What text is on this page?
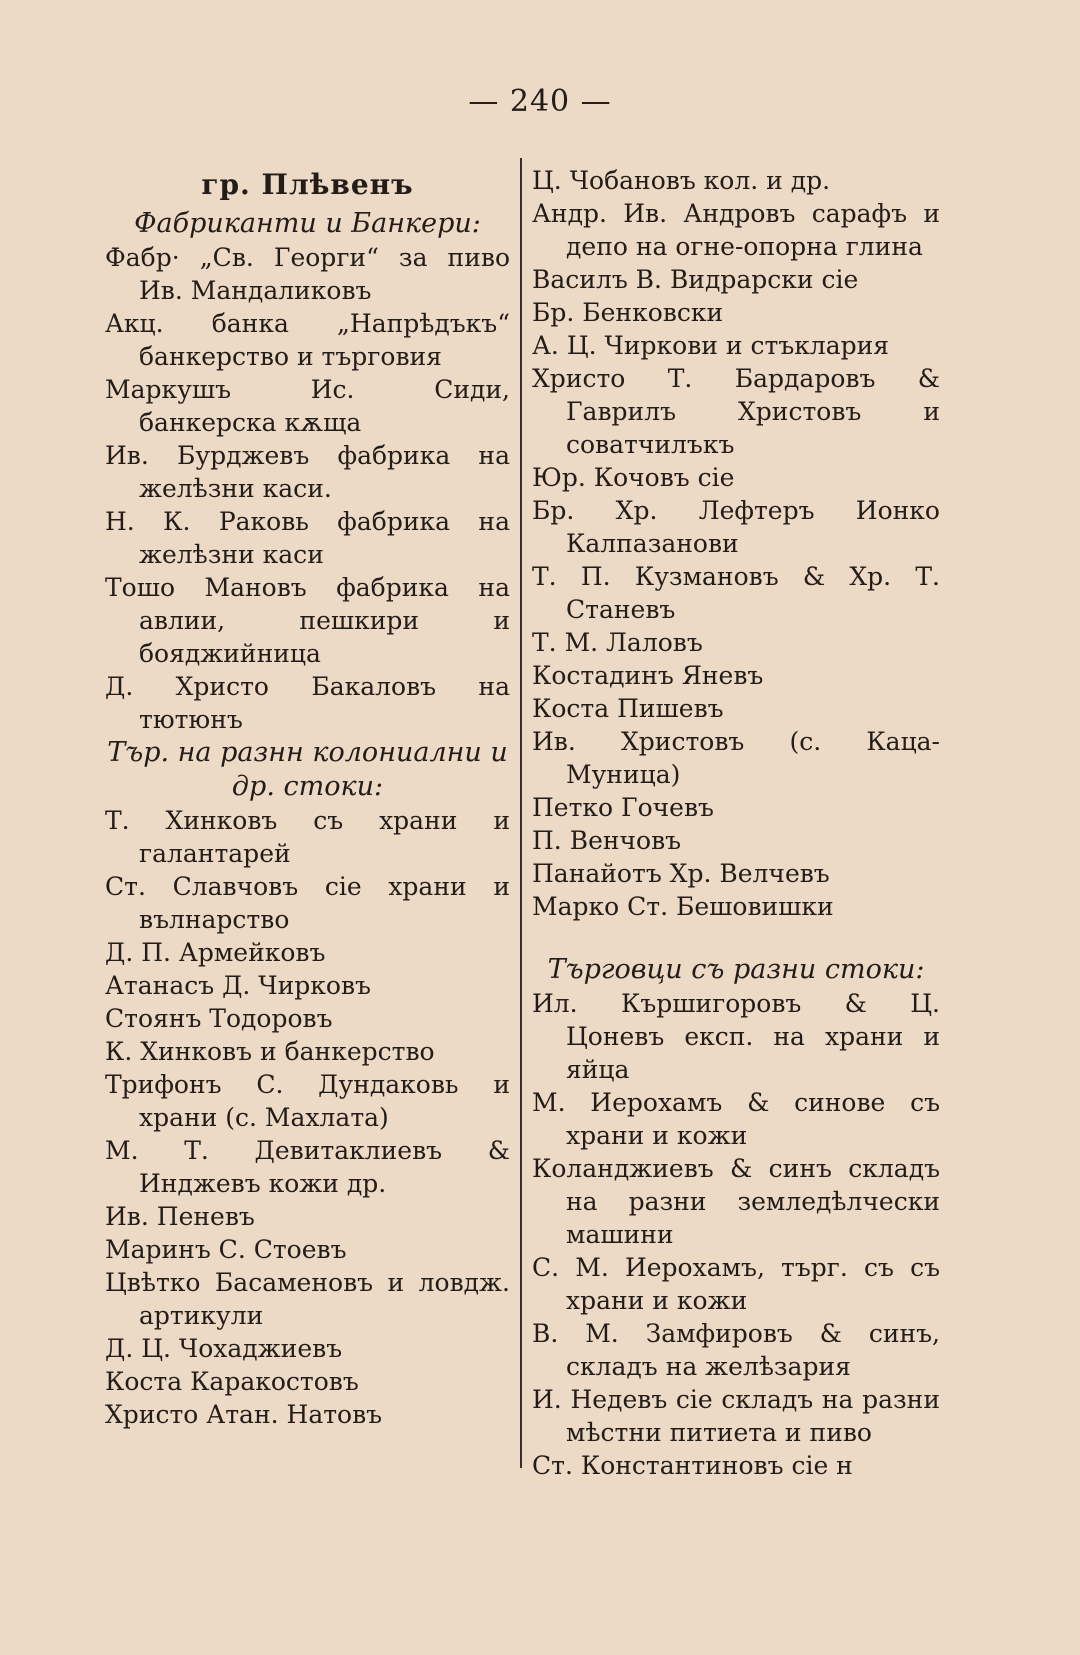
— 240 —
гр. Плѣвенъ
Фабриканти и Банкери:
Фабр· „Св. Георги“ за пиво Ив. Мандаликовъ
Акц. банка „Напрѣдъкъ“ банкерство и търговия
Маркушъ Ис. Сиди, банкерска кѫща
Ив. Бурджевъ фабрика на желѣзни каси.
Н. К. Раковь фабрика на желѣзни каси
Тошо Мановъ фабрика на авлии, пешкири и бояджийница
Д. Христо Бакаловъ на тютюнъ
Тър. на разнн колониални и др. стоки:
Т. Хинковъ съ храни и галантарей
Ст. Славчовъ сiе храни и вълнарство
Д. П. Армейковъ
Атанасъ Д. Чирковъ
Стоянъ Тодоровъ
К. Хинковъ и банкерство
Трифонъ С. Дундаковь и храни (с. Махлата)
М. Т. Девитаклиевъ & Инджевъ кожи др.
Ив. Пеневъ
Маринъ С. Стоевъ
Цвѣтко Басаменовъ и ловдж. артикули
Д. Ц. Чохаджиевъ
Коста Каракостовъ
Христо Атан. Натовъ
Ц. Чобановъ кол. и др.
Андр. Ив. Андровъ сарафъ и депо на огне-опорна глина
Василъ В. Видрарски сiе
Бр. Бенковски
А. Ц. Чиркови и стъклария
Христо Т. Бардаровъ & Гаврилъ Христовъ и соватчилъкъ
Юр. Кочовъ сiе
Бр. Хр. Лефтеръ Ионко Калпазанови
Т. П. Кузмановъ & Хр. Т. Станевъ
Т. М. Лаловъ
Костадинъ Яневъ
Коста Пишевъ
Ив. Христовъ (с. Каца-Муница)
Петко Гочевъ
П. Венчовъ
Панайотъ Хр. Велчевъ
Марко Ст. Бешовишки
Търговци съ разни стоки:
Ил. Кършигоровъ & Ц. Цоневъ експ. на храни и яйца
М. Иерохамъ & синове съ храни и кожи
Коланджиевъ & синъ складъ на разни земледѣлчески машини
С. М. Иерохамъ, търг. съ съ храни и кожи
В. М. Замфировъ & синъ, складъ на желѣзария
И. Недевъ сiе складъ на разни мѣстни питиета и пиво
Ст. Константиновъ сiе н
